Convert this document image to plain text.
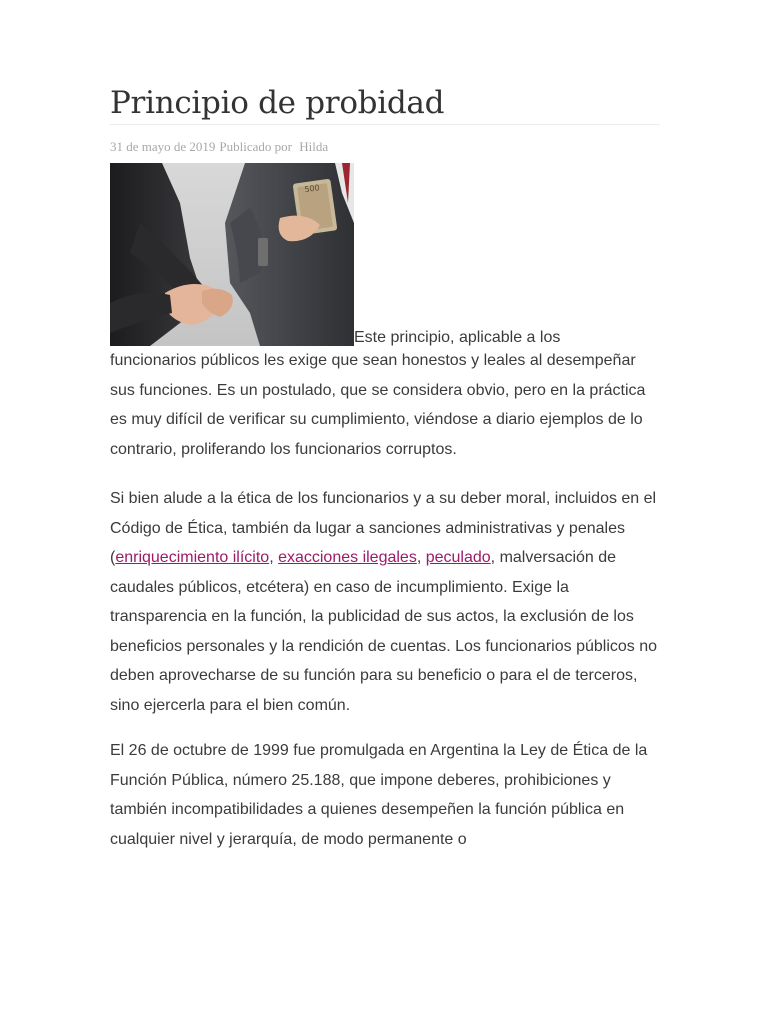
Principio de probidad
31 de mayo de 2019 Publicado por Hilda
500
Este principio, aplicable a los
funcionarios públicos les exige que sean honestos y leales al desempeñar sus funciones. Es un postulado, que se considera obvio, pero en la práctica es muy difícil de verificar su cumplimiento, viéndose a diario ejemplos de lo contrario, proliferando los funcionarios corruptos.

Si bien alude a la ética de los funcionarios y a su deber moral, incluidos en el Código de Ética, también da lugar a sanciones administrativas y penales (enriquecimiento ilícito, exacciones ilegales, peculado, malversación de caudales públicos, etcétera) en caso de incumplimiento. Exige la transparencia en la función, la publicidad de sus actos, la exclusión de los beneficios personales y la rendición de cuentas. Los funcionarios públicos no deben aprovecharse de su función para su beneficio o para el de terceros, sino ejercerla para el bien común.

El 26 de octubre de 1999 fue promulgada en Argentina la Ley de Ética de la Función Pública, número 25.188, que impone deberes, prohibiciones y también incompatibilidades a quienes desempeñen la función pública en cualquier nivel y jerarquía, de modo permanente o
